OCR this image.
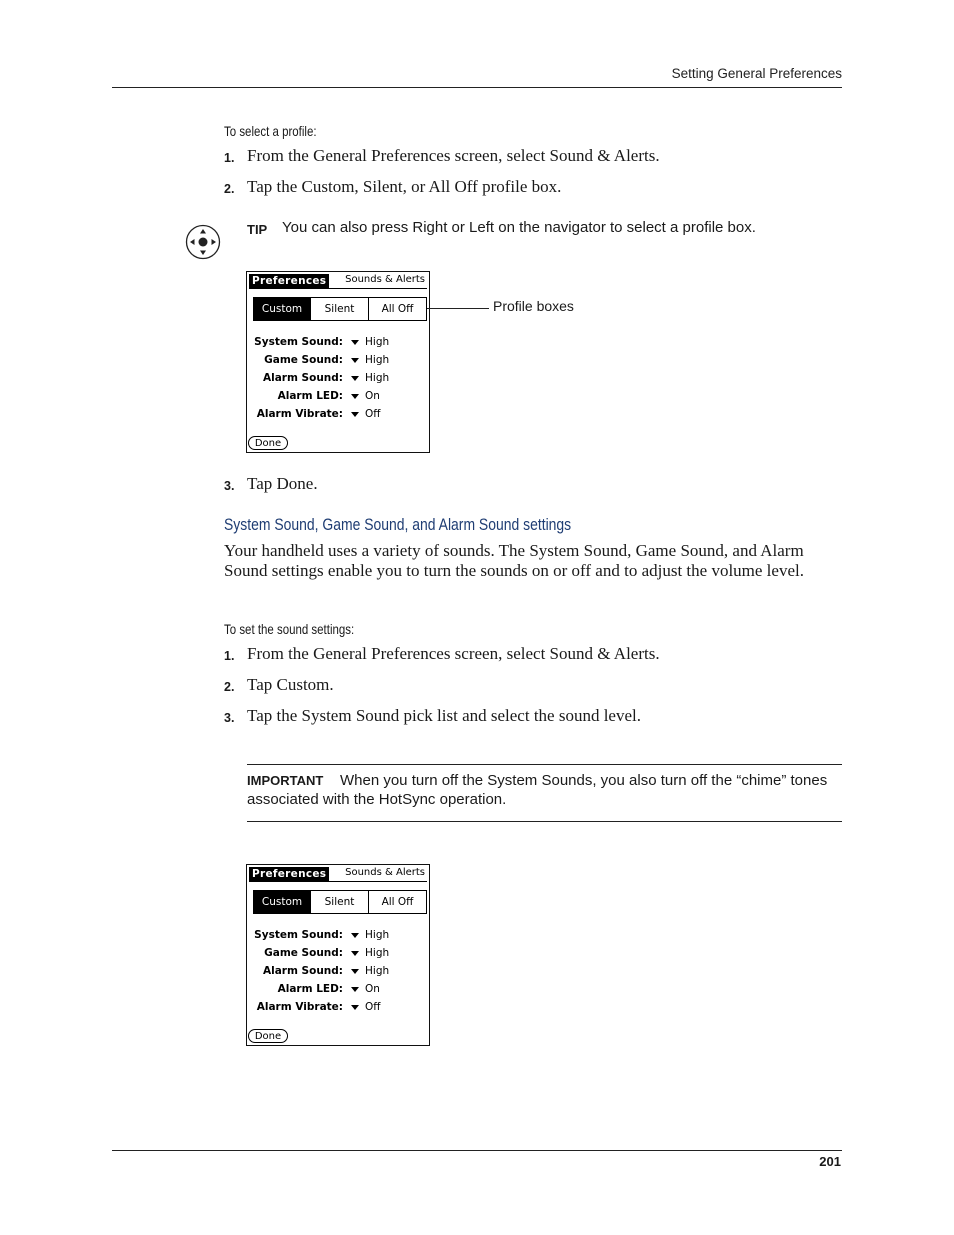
Setting General Preferences
To select a profile:
1. From the General Preferences screen, select Sound & Alerts.
2. Tap the Custom, Silent, or All Off profile box.
TIP You can also press Right or Left on the navigator to select a profile box.
Preferences	Sounds & Alerts
Custom	Silent	All Off
System Sound: High
Game Sound: High
Alarm Sound: High
Alarm LED: On
Alarm Vibrate: Off
Done
Profile boxes
3. Tap Done.
System Sound, Game Sound, and Alarm Sound settings
Your handheld uses a variety of sounds. The System Sound, Game Sound, and Alarm Sound settings enable you to turn the sounds on or off and to adjust the volume level.
To set the sound settings:
1. From the General Preferences screen, select Sound & Alerts.
2. Tap Custom.
3. Tap the System Sound pick list and select the sound level.
IMPORTANT When you turn off the System Sounds, you also turn off the “chime” tones associated with the HotSync operation.
Preferences	Sounds & Alerts
Custom	Silent	All Off
System Sound: High
Game Sound: High
Alarm Sound: High
Alarm LED: On
Alarm Vibrate: Off
Done
201
